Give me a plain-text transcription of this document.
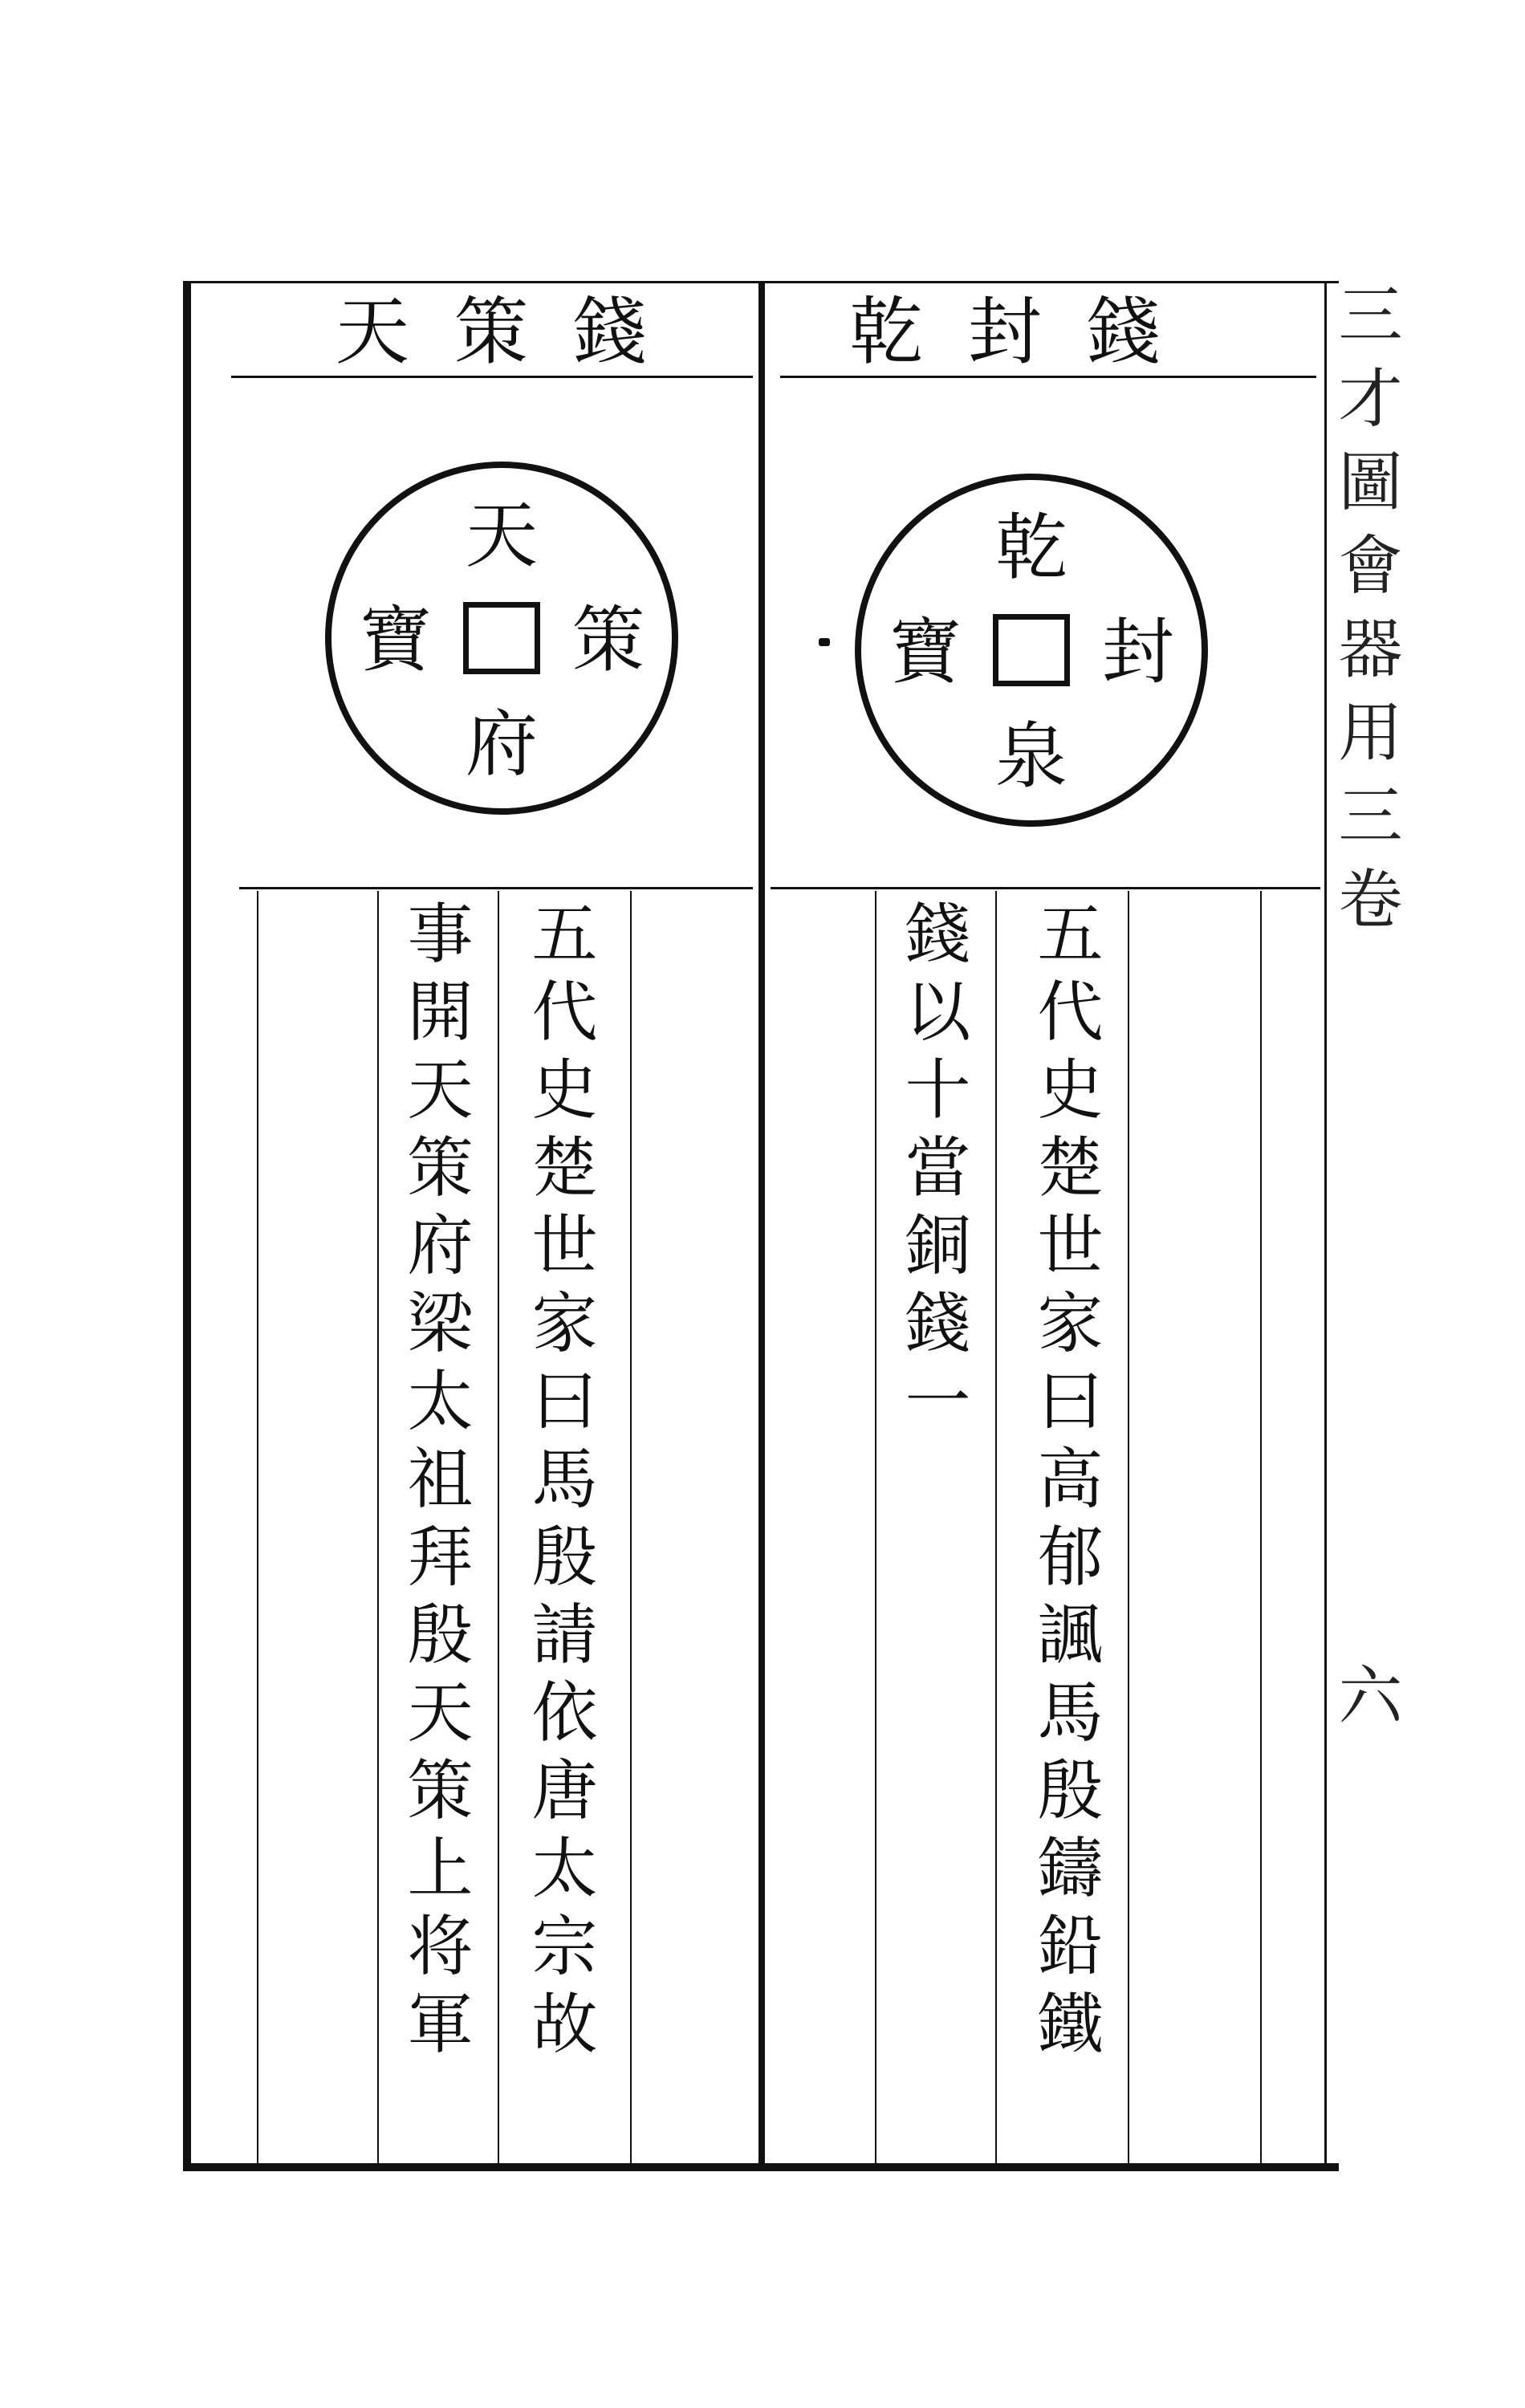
天策錢 乾封錢
天
策
府
寶
乾
封
泉
寶
五代史楚世家曰高郁諷馬殷鑄鉛鐵
錢以十當銅錢一
五代史楚世家曰馬殷請依唐太宗故
事開天策府梁太祖拜殷天策上将軍
三才圖會器用三卷
六
